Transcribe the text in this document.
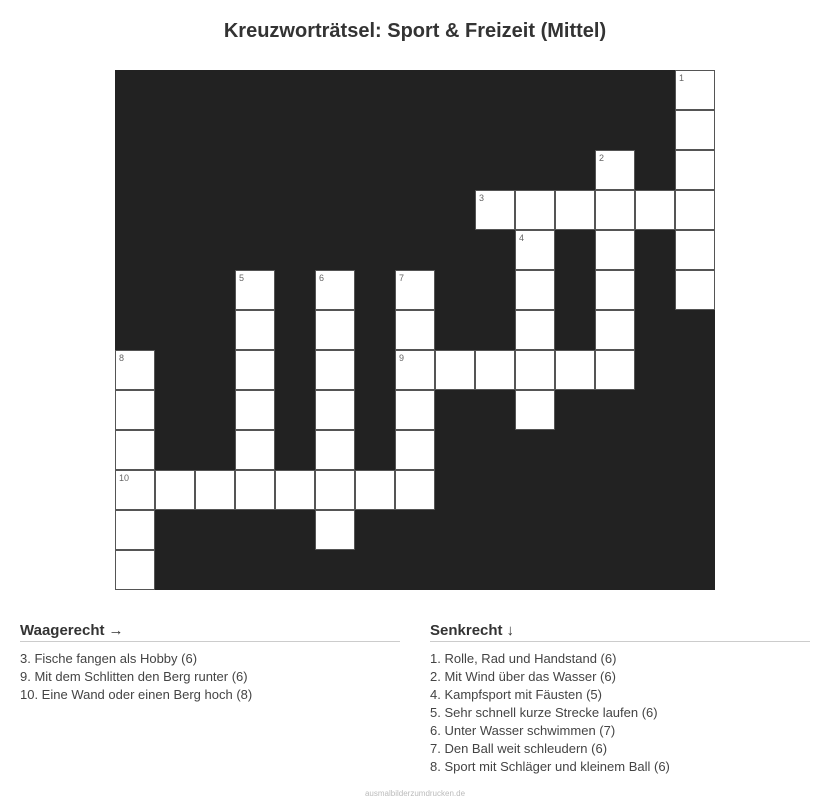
Kreuzworträtsel: Sport & Freizeit (Mittel)
1
2
3
4
5	6	7
9
8
10
Waagerecht →
3. Fische fangen als Hobby (6)
9. Mit dem Schlitten den Berg runter (6)
10. Eine Wand oder einen Berg hoch (8)
Senkrecht ↓
1. Rolle, Rad und Handstand (6)
2. Mit Wind über das Wasser (6)
4. Kampfsport mit Fäusten (5)
5. Sehr schnell kurze Strecke laufen (6)
6. Unter Wasser schwimmen (7)
7. Den Ball weit schleudern (6)
8. Sport mit Schläger und kleinem Ball (6)
ausmalbilderzumdrucken.de
